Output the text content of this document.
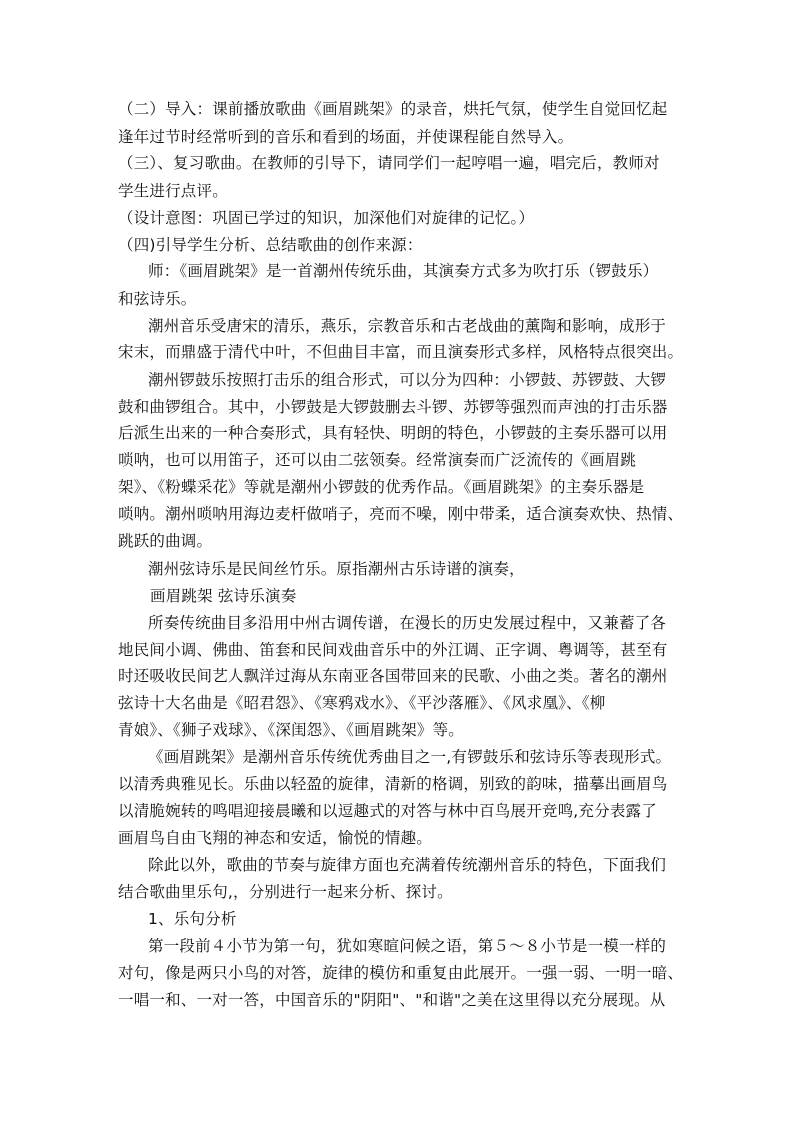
（二）导入：课前播放歌曲《画眉跳架》的录音，烘托气氛，使学生自觉回忆起
逢年过节时经常听到的音乐和看到的场面，并使课程能自然导入。
（三）、复习歌曲。在教师的引导下，请同学们一起哼唱一遍，唱完后，教师对
学生进行点评。
（设计意图：巩固已学过的知识，加深他们对旋律的记忆。）
（四)引导学生分析、总结歌曲的创作来源：
师：《画眉跳架》是一首潮州传统乐曲，其演奏方式多为吹打乐（锣鼓乐）
和弦诗乐。
潮州音乐受唐宋的清乐，燕乐，宗教音乐和古老战曲的薰陶和影响，成形于
宋末，而鼎盛于清代中叶，不但曲目丰富，而且演奏形式多样，风格特点很突出。
潮州锣鼓乐按照打击乐的组合形式，可以分为四种：小锣鼓、苏锣鼓、大锣
鼓和曲锣组合。其中，小锣鼓是大锣鼓删去斗锣、苏锣等强烈而声浊的打击乐器
后派生出来的一种合奏形式，具有轻快、明朗的特色，小锣鼓的主奏乐器可以用
唢呐，也可以用笛子，还可以由二弦领奏。经常演奏而广泛流传的《画眉跳
架》、《粉蝶采花》等就是潮州小锣鼓的优秀作品。《画眉跳架》的主奏乐器是
唢呐。潮州唢呐用海边麦杆做哨子，亮而不噪，刚中带柔，适合演奏欢快、热情、
跳跃的曲调。
潮州弦诗乐是民间丝竹乐。原指潮州古乐诗谱的演奏，
画眉跳架 弦诗乐演奏
所奏传统曲目多沿用中州古调传谱，在漫长的历史发展过程中，又兼蓄了各
地民间小调、佛曲、笛套和民间戏曲音乐中的外江调、正字调、粤调等，甚至有
时还吸收民间艺人飘洋过海从东南亚各国带回来的民歌、小曲之类。著名的潮州
弦诗十大名曲是《昭君怨》、《寒鸦戏水》、《平沙落雁》、《风求凰》、《柳
青娘》、《狮子戏球》、《深闺怨》、《画眉跳架》等。
《画眉跳架》是潮州音乐传统优秀曲目之一,有锣鼓乐和弦诗乐等表现形式。
以清秀典雅见长。乐曲以轻盈的旋律，清新的格调，别致的韵味，描摹出画眉鸟
以清脆婉转的鸣唱迎接晨曦和以逗趣式的对答与林中百鸟展开竞鸣,充分表露了
画眉鸟自由飞翔的神态和安适，愉悦的情趣。
除此以外，歌曲的节奏与旋律方面也充满着传统潮州音乐的特色，下面我们
结合歌曲里乐句,，分别进行一起来分析、探讨。
1、乐句分析
第一段前４小节为第一句，犹如寒暄问候之语，第５～８小节是一模一样的
对句，像是两只小鸟的对答，旋律的模仿和重复由此展开。一强一弱、一明一暗、
一唱一和、一对一答，中国音乐的"阴阳"、"和谐"之美在这里得以充分展现。从
